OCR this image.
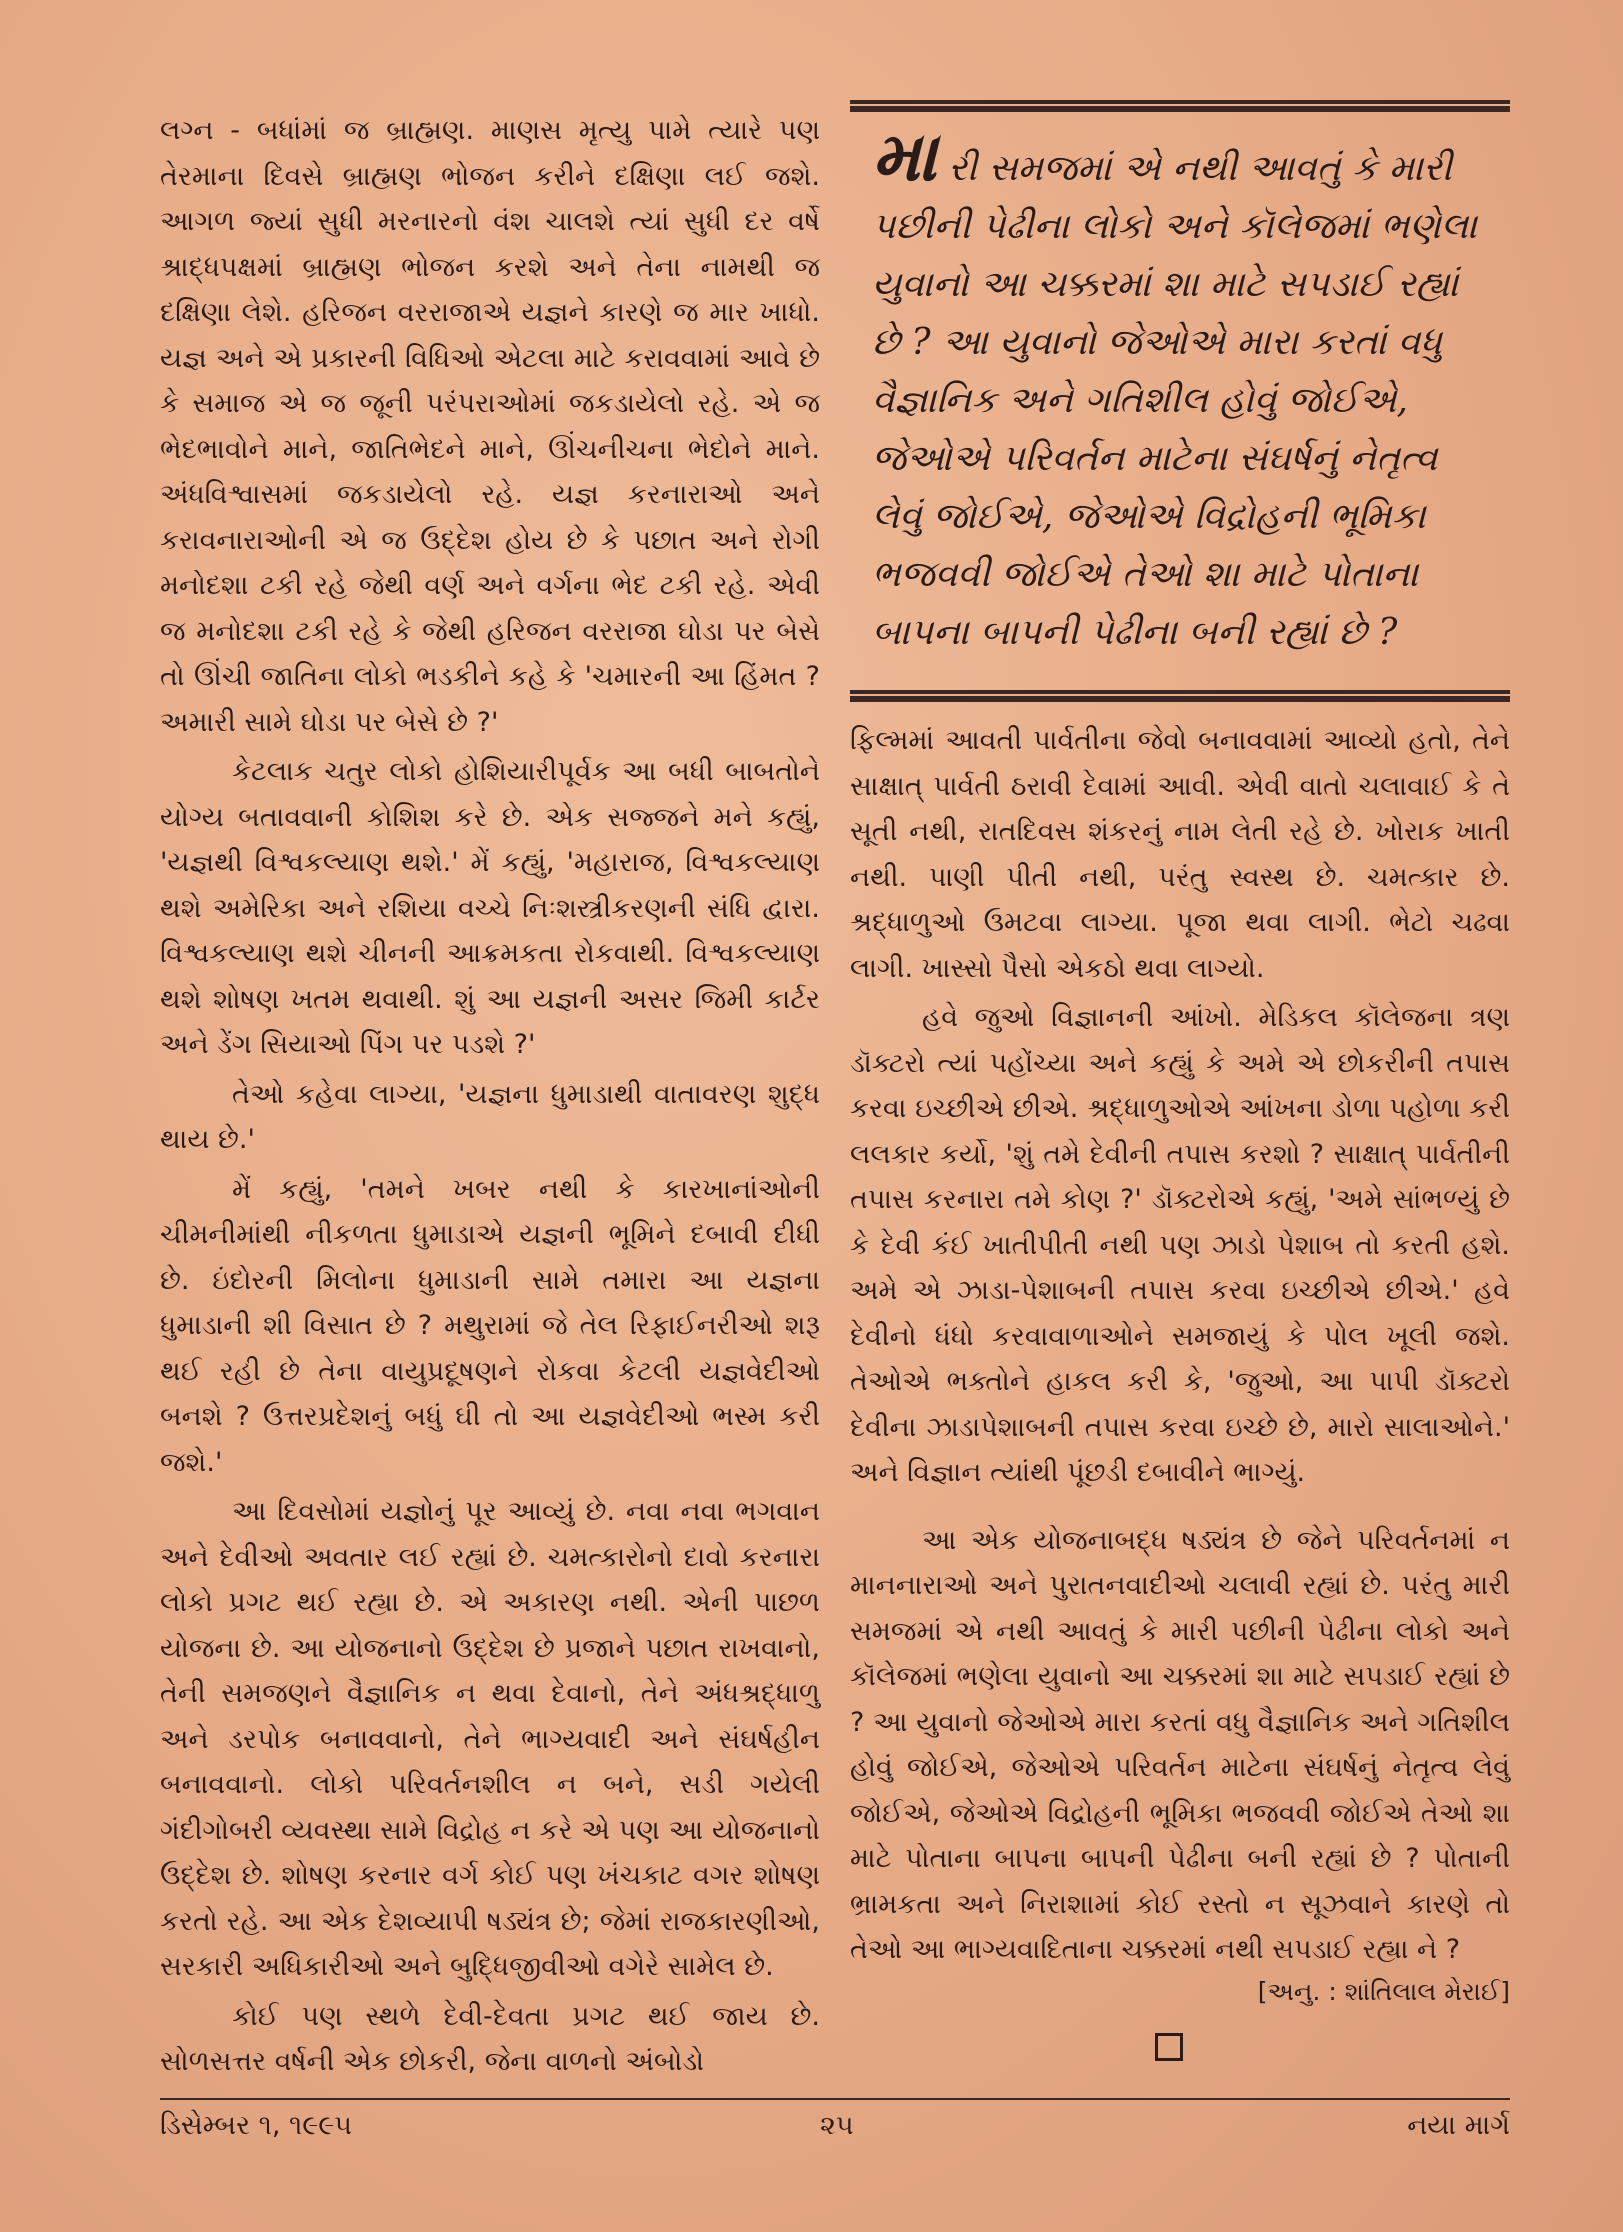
લગ્ન - બધાંમાં જ બ્રાહ્મણ. માણસ મૃત્યુ પામે ત્યારે પણ તેરમાના દિવસે બ્રાહ્મણ ભોજન કરીને દક્ષિણા લઈ જશે. આગળ જ્યાં સુધી મરનારનો વંશ ચાલશે ત્યાં સુધી દર વર્ષે શ્રાદ્ધપક્ષમાં બ્રાહ્મણ ભોજન કરશે અને તેના નામથી જ દક્ષિણા લેશે. હરિજન વરરાજાએ યજ્ઞને કારણે જ માર ખાધો. યજ્ઞ અને એ પ્રકારની વિધિઓ એટલા માટે કરાવવામાં આવે છે કે સમાજ એ જ જૂની પરંપરાઓમાં જકડાયેલો રહે. એ જ ભેદભાવોને માને, જાતિભેદને માને, ઊંચનીચના ભેદોને માને. અંધવિશ્વાસમાં જકડાયેલો રહે. યજ્ઞ કરનારાઓ અને કરાવનારાઓની એ જ ઉદ્દેશ હોય છે કે પછાત અને રોગી મનોદશા ટકી રહે જેથી વર્ણ અને વર્ગના ભેદ ટકી રહે. એવી જ મનોદશા ટકી રહે કે જેથી હરિજન વરરાજા ઘોડા પર બેસે તો ઊંચી જાતિના લોકો ભડકીને કહે કે 'ચમારની આ હિંમત ? અમારી સામે ઘોડા પર બેસે છે ?'

કેટલાક ચતુર લોકો હોશિયારીપૂર્વક આ બધી બાબતોને યોગ્ય બતાવવાની કોશિશ કરે છે. એક સજ્જને મને કહ્યું, 'યજ્ઞથી વિશ્વકલ્યાણ થશે.' મેં કહ્યું, 'મહારાજ, વિશ્વકલ્યાણ થશે અમેરિકા અને રશિયા વચ્ચે નિઃશસ્ત્રીકરણની સંધિ દ્વારા. વિશ્વકલ્યાણ થશે ચીનની આક્રમકતા રોકવાથી. વિશ્વકલ્યાણ થશે શોષણ ખતમ થવાથી. શું આ યજ્ઞની અસર જિમી કાર્ટર અને ડેંગ સિયાઓ પિંગ પર પડશે ?'

તેઓ કહેવા લાગ્યા, 'યજ્ઞના ધુમાડાથી વાતાવરણ શુદ્ધ થાય છે.'

મેં કહ્યું, 'તમને ખબર નથી કે કારખાનાંઓની ચીમનીમાંથી નીકળતા ધુમાડાએ યજ્ઞની ભૂમિને દબાવી દીધી છે. ઇંદોરની મિલોના ધુમાડાની સામે તમારા આ યજ્ઞના ધુમાડાની શી વિસાત છે ? મથુરામાં જે તેલ રિફાઈનરીઓ શરૂ થઈ રહી છે તેના વાયુપ્રદૂષણને રોકવા કેટલી યજ્ઞવેદીઓ બનશે ? ઉત્તરપ્રદેશનું બધું ઘી તો આ યજ્ઞવેદીઓ ભસ્મ કરી જશે.'

આ દિવસોમાં યજ્ઞોનું પૂર આવ્યું છે. નવા નવા ભગવાન અને દેવીઓ અવતાર લઈ રહ્યાં છે. ચમત્કારોનો દાવો કરનારા લોકો પ્રગટ થઈ રહ્યા છે. એ અકારણ નથી. એની પાછળ યોજના છે. આ યોજનાનો ઉદ્દેશ છે પ્રજાને પછાત રાખવાનો, તેની સમજણને વૈજ્ઞાનિક ન થવા દેવાનો, તેને અંધશ્રદ્ધાળુ અને ડરપોક બનાવવાનો, તેને ભાગ્યવાદી અને સંઘર્ષહીન બનાવવાનો. લોકો પરિવર્તનશીલ ન બને, સડી ગયેલી ગંદીગોબરી વ્યવસ્થા સામે વિદ્રોહ ન કરે એ પણ આ યોજનાનો ઉદ્દેશ છે. શોષણ કરનાર વર્ગ કોઈ પણ ખંચકાટ વગર શોષણ કરતો રહે. આ એક દેશવ્યાપી ષડ્યંત્ર છે; જેમાં રાજકારણીઓ, સરકારી અધિકારીઓ અને બુદ્ધિજીવીઓ વગેરે સામેલ છે.

કોઈ પણ સ્થળે દેવી-દેવતા પ્રગટ થઈ જાય છે. સોળસત્તર વર્ષની એક છોકરી, જેના વાળનો અંબોડો

મા રી સમજમાં એ નથી આવતું કે મારી પછીની પેઢીના લોકો અને કૉલેજમાં ભણેલા યુવાનો આ ચક્કરમાં શા માટે સપડાઈ રહ્યાં છે ? આ યુવાનો જેઓએ મારા કરતાં વધુ વૈજ્ઞાનિક અને ગતિશીલ હોવું જોઈએ, જેઓએ પરિવર્તન માટેના સંઘર્ષનું નેતૃત્વ લેવું જોઈએ, જેઓએ વિદ્રોહની ભૂમિકા ભજવવી જોઈએ તેઓ શા માટે પોતાના બાપના બાપની પેઢીના બની રહ્યાં છે ?

ફિલ્મમાં આવતી પાર્વતીના જેવો બનાવવામાં આવ્યો હતો, તેને સાક્ષાત્ પાર્વતી ઠરાવી દેવામાં આવી. એવી વાતો ચલાવાઈ કે તે સૂતી નથી, રાતદિવસ શંકરનું નામ લેતી રહે છે. ખોરાક ખાતી નથી. પાણી પીતી નથી, પરંતુ સ્વસ્થ છે. ચમત્કાર છે. શ્રદ્ધાળુઓ ઉમટવા લાગ્યા. પૂજા થવા લાગી. ભેટો ચઢવા લાગી. ખાસ્સો પૈસો એકઠો થવા લાગ્યો.

હવે જુઓ વિજ્ઞાનની આંખો. મેડિકલ કૉલેજના ત્રણ ડૉક્ટરો ત્યાં પહોંચ્યા અને કહ્યું કે અમે એ છોકરીની તપાસ કરવા ઇચ્છીએ છીએ. શ્રદ્ધાળુઓએ આંખના ડોળા પહોળા કરી લલકાર કર્યો, 'શું તમે દેવીની તપાસ કરશો ? સાક્ષાત્ પાર્વતીની તપાસ કરનારા તમે કોણ ?' ડૉક્ટરોએ કહ્યું, 'અમે સાંભળ્યું છે કે દેવી કંઈ ખાતીપીતી નથી પણ ઝાડો પેશાબ તો કરતી હશે. અમે એ ઝાડા-પેશાબની તપાસ કરવા ઇચ્છીએ છીએ.' હવે દેવીનો ધંધો કરવાવાળાઓને સમજાયું કે પોલ ખૂલી જશે. તેઓએ ભક્તોને હાકલ કરી કે, 'જુઓ, આ પાપી ડૉક્ટરો દેવીના ઝાડાપેશાબની તપાસ કરવા ઇચ્છે છે, મારો સાલાઓને.' અને વિજ્ઞાન ત્યાંથી પૂંછડી દબાવીને ભાગ્યું.

આ એક યોજનાબદ્ધ ષડ્યંત્ર છે જેને પરિવર્તનમાં ન માનનારાઓ અને પુરાતનવાદીઓ ચલાવી રહ્યાં છે. પરંતુ મારી સમજમાં એ નથી આવતું કે મારી પછીની પેઢીના લોકો અને કૉલેજમાં ભણેલા યુવાનો આ ચક્કરમાં શા માટે સપડાઈ રહ્યાં છે ? આ યુવાનો જેઓએ મારા કરતાં વધુ વૈજ્ઞાનિક અને ગતિશીલ હોવું જોઈએ, જેઓએ પરિવર્તન માટેના સંઘર્ષનું નેતૃત્વ લેવું જોઈએ, જેઓએ વિદ્રોહની ભૂમિકા ભજવવી જોઈએ તેઓ શા માટે પોતાના બાપના બાપની પેઢીના બની રહ્યાં છે ? પોતાની ભ્રામકતા અને નિરાશામાં કોઈ રસ્તો ન સૂઝવાને કારણે તો તેઓ આ ભાગ્યવાદિતાના ચક્કરમાં નથી સપડાઈ રહ્યા ને ?

[અનુ. : શાંતિલાલ મેરાઈ]
ડિસેમ્બર ૧, ૧૯૯૫	૨૫	નયા માર્ગ
